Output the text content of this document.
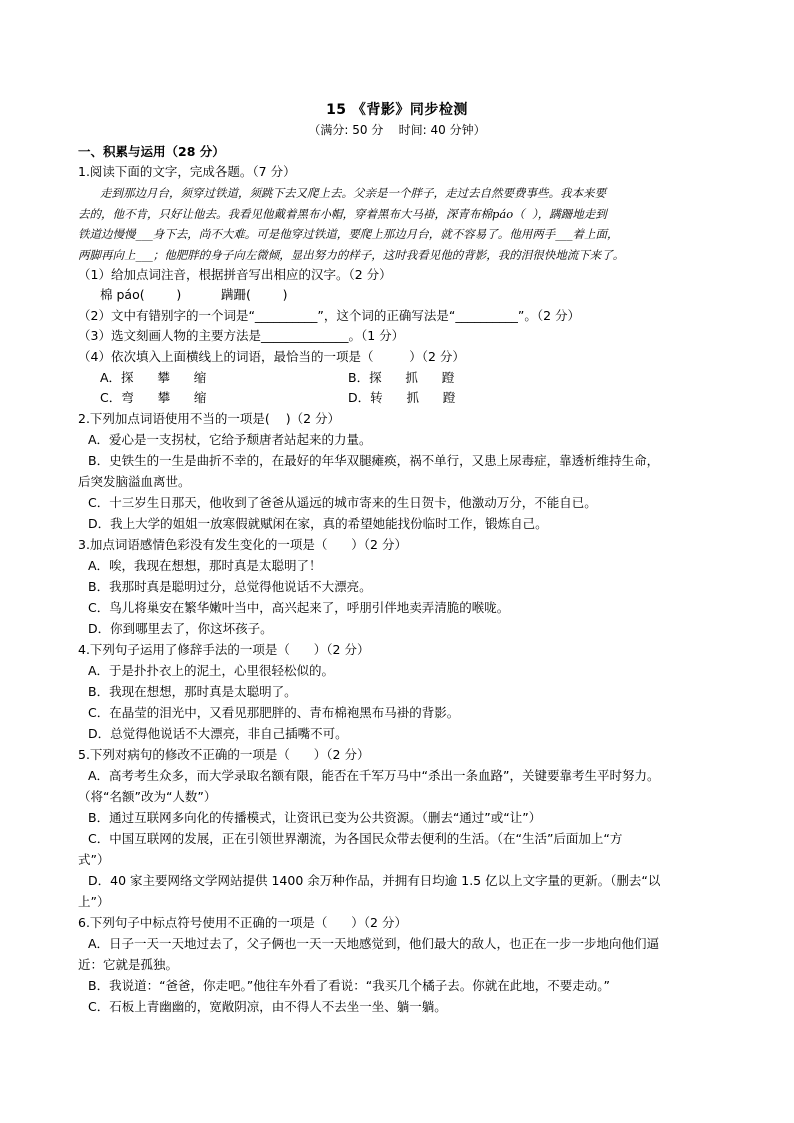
15 《背影》同步检测
（满分: 50 分    时间: 40 分钟）
一、积累与运用（28 分）
1.阅读下面的文字，完成各题。（7 分）
走到那边月台，须穿过铁道，须跳下去又爬上去。父亲是一个胖子，走过去自然要费事些。我本来要
去的，他不肯，只好让他去。我看见他戴着黑布小帽，穿着黑布大马褂，深青布棉páo（  ），蹒跚地走到
铁道边慢慢___身下去，尚不大难。可是他穿过铁道，要爬上那边月台，就不容易了。他用两手___着上面，
两脚再向上___；他肥胖的身子向左微倾，显出努力的样子，这时我看见他的背影，我的泪很快地流下来了。
（1）给加点词注音，根据拼音写出相应的汉字。（2 分）
棉 páo(        )          蹒跚(        )
（2）文中有错别字的一个词是“__________”，这个词的正确写法是“__________”。（2 分）
（3）选文刻画人物的主要方法是______________。（1 分）
（4）依次填入上面横线上的词语，最恰当的一项是（         ）（2 分）
A．探      攀      缩	B．探      抓      蹬
C．弯      攀      缩	D．转      抓      蹬
2.下列加点词语使用不当的一项是(    )（2 分）
A．爱心是一支拐杖，它给予颓唐者站起来的力量。
B．史铁生的一生是曲折不幸的，在最好的年华双腿瘫痪，祸不单行，又患上尿毒症，靠透析维持生命，
后突发脑溢血离世。
C．十三岁生日那天，他收到了爸爸从遥远的城市寄来的生日贺卡，他激动万分，不能自已。
D．我上大学的姐姐一放寒假就赋闲在家，真的希望她能找份临时工作，锻炼自己。
3.加点词语感情色彩没有发生变化的一项是（      ）（2 分）
A．唉，我现在想想，那时真是太聪明了！
B．我那时真是聪明过分，总觉得他说话不大漂亮。
C．鸟儿将巢安在繁华嫩叶当中，高兴起来了，呼朋引伴地卖弄清脆的喉咙。
D．你到哪里去了，你这坏孩子。
4.下列句子运用了修辞手法的一项是（      ）（2 分）
A．于是扑扑衣上的泥土，心里很轻松似的。
B．我现在想想，那时真是太聪明了。
C．在晶莹的泪光中，又看见那肥胖的、青布棉袍黑布马褂的背影。
D．总觉得他说话不大漂亮，非自己插嘴不可。
5.下列对病句的修改不正确的一项是（      ）（2 分）
A．高考考生众多，而大学录取名额有限，能否在千军万马中“杀出一条血路”，关键要靠考生平时努力。
（将“名额”改为“人数”）
B．通过互联网多向化的传播模式，让资讯已变为公共资源。（删去“通过”或“让”）
C．中国互联网的发展，正在引领世界潮流，为各国民众带去便利的生活。（在“生活”后面加上“方
式”）
D．40 家主要网络文学网站提供 1400 余万种作品，并拥有日均逾 1.5 亿以上文字量的更新。（删去“以
上”）
6.下列句子中标点符号使用不正确的一项是（      ）（2 分）
A．日子一天一天地过去了，父子俩也一天一天地感觉到，他们最大的敌人，也正在一步一步地向他们逼
近：它就是孤独。
B．我说道：“爸爸，你走吧。”他往车外看了看说：“我买几个橘子去。你就在此地，不要走动。”
C．石板上青幽幽的，宽敞阴凉，由不得人不去坐一坐、躺一躺。
